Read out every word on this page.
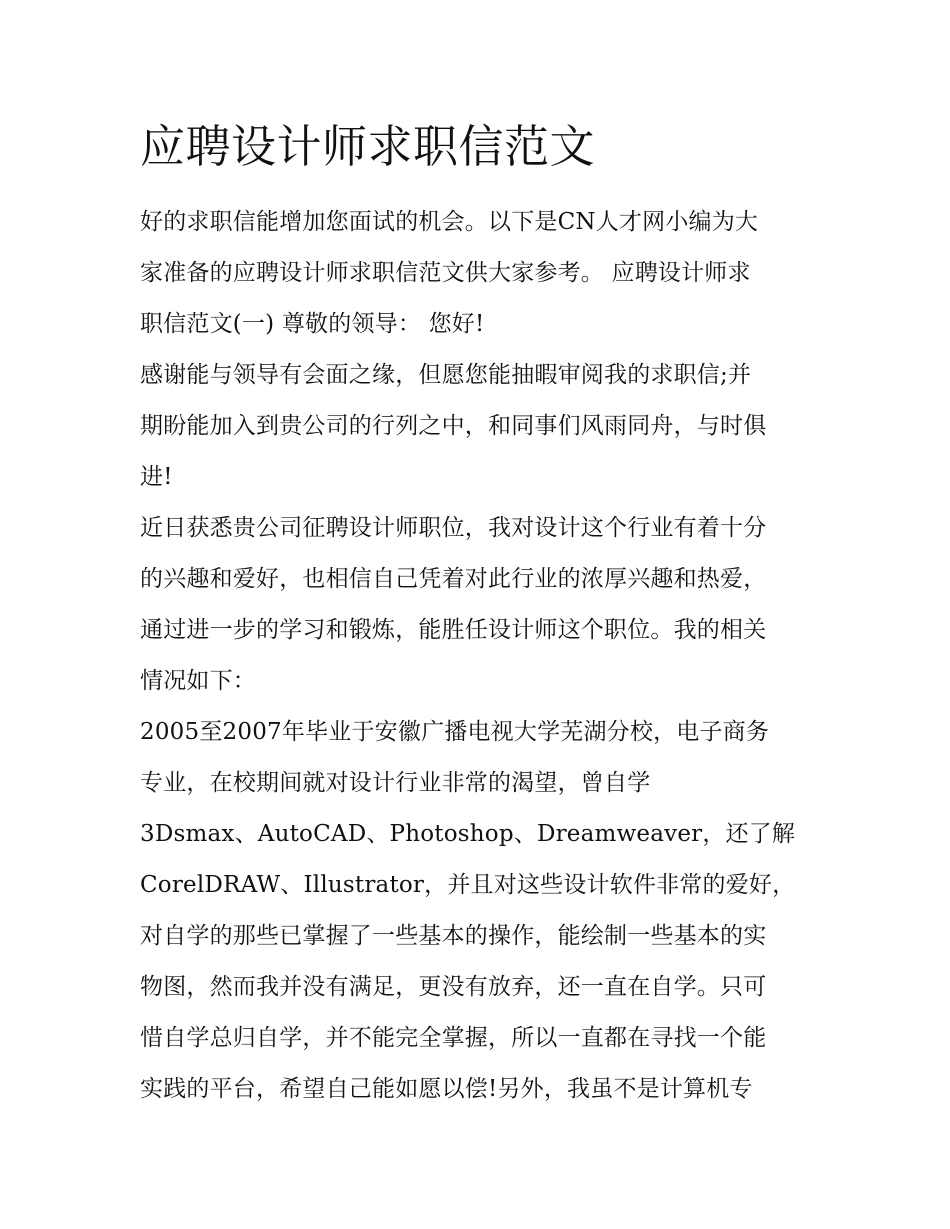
应聘设计师求职信范文

好的求职信能增加您面试的机会。以下是CN人才网小编为大

家准备的应聘设计师求职信范文供大家参考。 应聘设计师求

职信范文(一) 尊敬的领导： 您好!

感谢能与领导有会面之缘，但愿您能抽暇审阅我的求职信;并

期盼能加入到贵公司的行列之中，和同事们风雨同舟，与时俱

进!

近日获悉贵公司征聘设计师职位，我对设计这个行业有着十分

的兴趣和爱好，也相信自己凭着对此行业的浓厚兴趣和热爱，

通过进一步的学习和锻炼，能胜任设计师这个职位。我的相关

情况如下：

2005至2007年毕业于安徽广播电视大学芜湖分校，电子商务

专业，在校期间就对设计行业非常的渴望，曾自学

3Dsmax、AutoCAD、Photoshop、Dreamweaver，还了解

CorelDRAW、Illustrator，并且对这些设计软件非常的爱好，

对自学的那些已掌握了一些基本的操作，能绘制一些基本的实

物图，然而我并没有满足，更没有放弃，还一直在自学。只可

惜自学总归自学，并不能完全掌握，所以一直都在寻找一个能

实践的平台，希望自己能如愿以偿!另外，我虽不是计算机专
